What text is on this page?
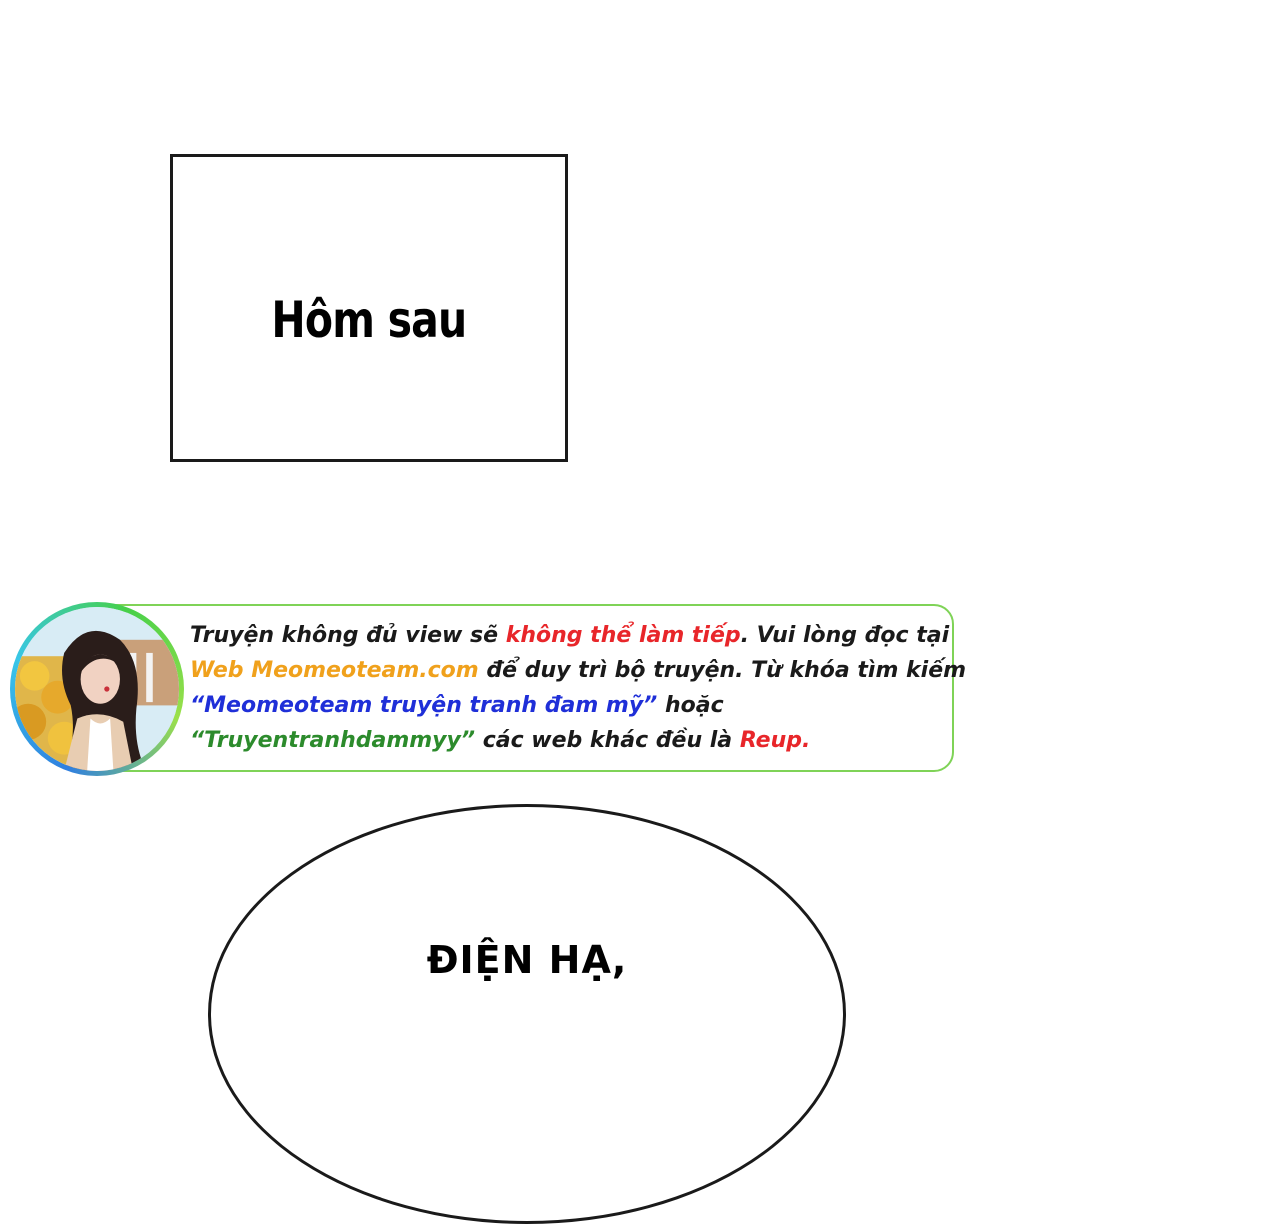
Hôm sau
Truyện không đủ view sẽ không thể làm tiếp. Vui lòng đọc tại
Web Meomeoteam.com để duy trì bộ truyện. Từ khóa tìm kiếm
“Meomeoteam truyện tranh đam mỹ” hoặc
“Truyentranhdammyy” các web khác đều là Reup.
ĐIỆN HẠ,
